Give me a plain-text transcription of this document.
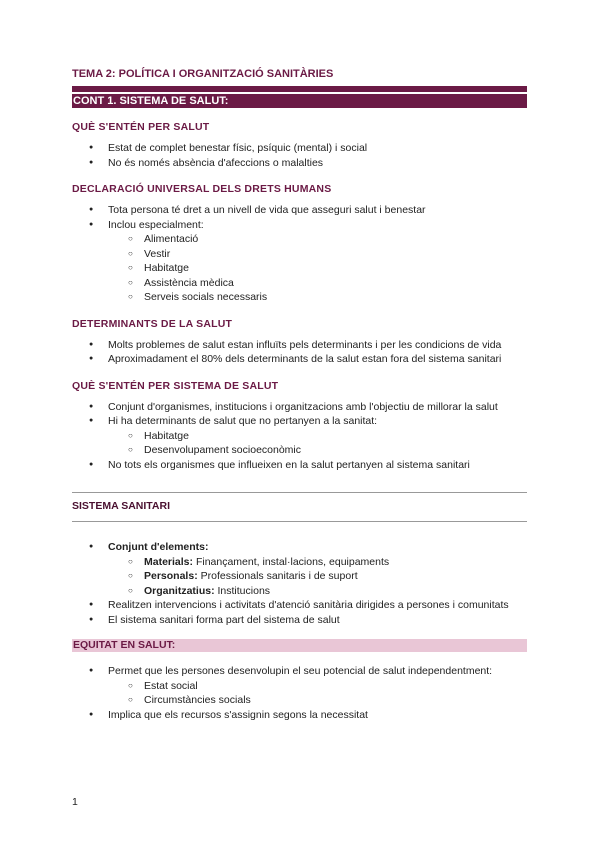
TEMA 2: POLÍTICA I ORGANITZACIÓ SANITÀRIES
CONT 1. SISTEMA DE SALUT:
QUÈ S'ENTÉN PER SALUT
● Estat de complet benestar físic, psíquic (mental) i social
● No és només absència d'afeccions o malalties
DECLARACIÓ UNIVERSAL DELS DRETS HUMANS
● Tota persona té dret a un nivell de vida que asseguri salut i benestar
● Inclou especialment:
○ Alimentació
○ Vestir
○ Habitatge
○ Assistència mèdica
○ Serveis socials necessaris
DETERMINANTS DE LA SALUT
● Molts problemes de salut estan influïts pels determinants i per les condicions de vida
● Aproximadament el 80% dels determinants de la salut estan fora del sistema sanitari
QUÈ S'ENTÉN PER SISTEMA DE SALUT
● Conjunt d'organismes, institucions i organitzacions amb l'objectiu de millorar la salut
● Hi ha determinants de salut que no pertanyen a la sanitat:
○ Habitatge
○ Desenvolupament socioeconòmic
● No tots els organismes que influeixen en la salut pertanyen al sistema sanitari
SISTEMA SANITARI
● Conjunt d'elements:
○ Materials: Finançament, instal·lacions, equipaments
○ Personals: Professionals sanitaris i de suport
○ Organitzatius: Institucions
● Realitzen intervencions i activitats d'atenció sanitària dirigides a persones i comunitats
● El sistema sanitari forma part del sistema de salut
EQUITAT EN SALUT:
● Permet que les persones desenvolupin el seu potencial de salut independentment:
○ Estat social
○ Circumstàncies socials
● Implica que els recursos s'assignin segons la necessitat
1
